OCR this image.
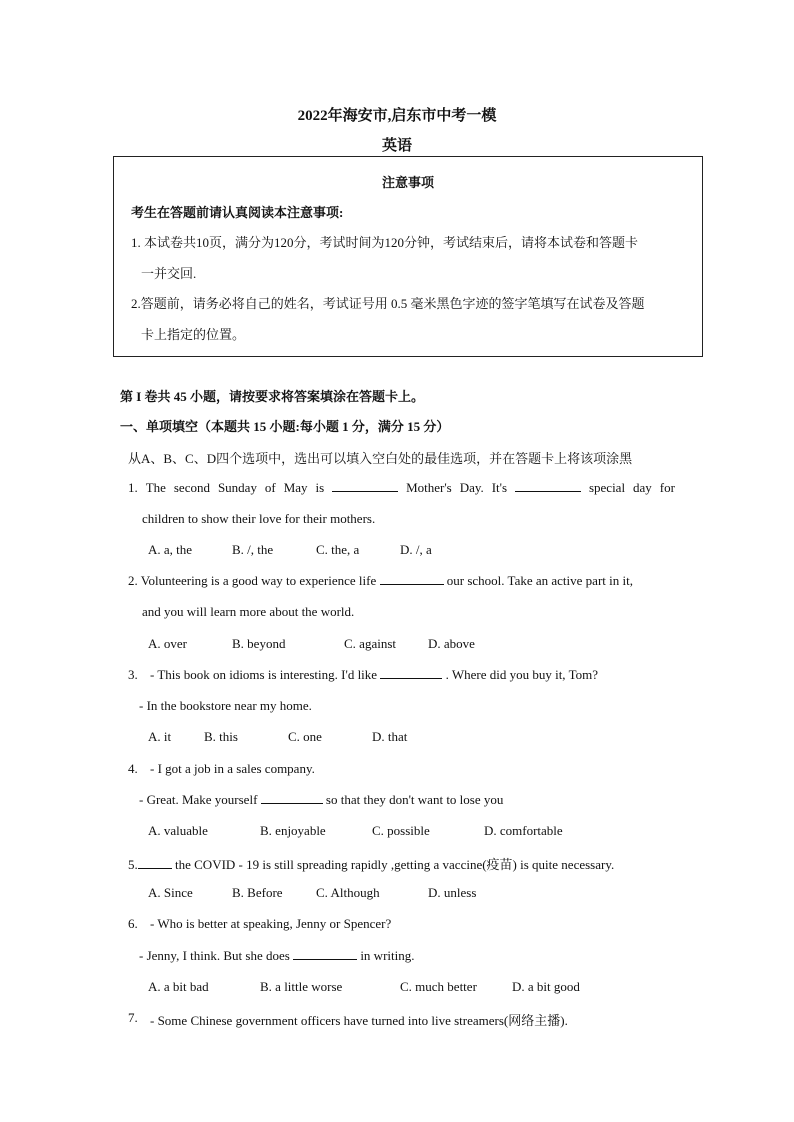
2022年海安市,启东市中考一模
英语
注意事项
考生在答题前请认真阅读本注意事项:
1. 本试卷共10页，满分为120分，考试时间为120分钟，考试结束后，请将本试卷和答题卡
一并交回.
2.答题前，请务必将自己的姓名，考试证号用 0.5 毫米黑色字迹的签字笔填写在试卷及答题
卡上指定的位置。
第 I 卷共 45 小题，请按要求将答案填涂在答题卡上。
一、单项填空（本题共 15 小题:每小题 1 分，满分 15 分）
从A、B、C、D四个选项中，选出可以填入空白处的最佳选项，并在答题卡上将该项涂黑
1. The second Sunday of May is	Mother's Day. It's	special day for
children to show their love for their mothers.
A. a, the	B. /, the	C. the, a	D. /, a
2. Volunteering is a good way to experience life	our school. Take an active part in it,
and you will learn more about the world.
A. over	B. beyond	C. against D. above
3. - This book on idioms is interesting. I'd like	. Where did you buy it, Tom?
- In the bookstore near my home.
A. it	B. this	C. one	D. that
4. - I got a job in a sales company.
- Great. Make yourself	so that they don't want to lose you
A. valuable	B. enjoyable	C. possible	D. comfortable
5.	the COVID - 19 is still spreading rapidly ,getting a vaccine(疫苗) is quite necessary.
A. Since	B. Before	C. Although	D. unless
6. - Who is better at speaking, Jenny or Spencer?
- Jenny, I think. But she does	in writing.
A. a bit bad	B. a little worse	C. much better	D. a bit good
7. - Some Chinese government officers have turned into live streamers(网络主播).
